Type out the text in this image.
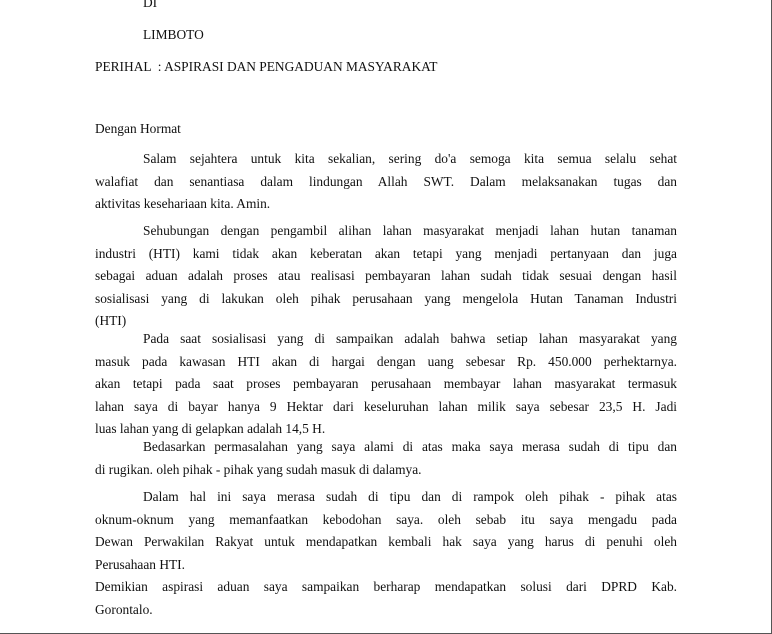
DI
LIMBOTO
PERIHAL  : ASPIRASI DAN PENGADUAN MASYARAKAT
Dengan Hormat
Salam sejahtera untuk kita sekalian, sering do'a semoga kita semua selalu sehat
walafiat dan senantiasa dalam lindungan Allah SWT. Dalam melaksanakan tugas dan
aktivitas kesehariaan kita. Amin.
Sehubungan dengan pengambil alihan lahan masyarakat menjadi lahan hutan tanaman
industri (HTI) kami tidak akan keberatan akan tetapi yang menjadi pertanyaan dan juga
sebagai aduan adalah proses atau realisasi pembayaran lahan sudah tidak sesuai dengan hasil
sosialisasi yang di lakukan oleh pihak perusahaan yang mengelola Hutan Tanaman Industri
(HTI)
Pada saat sosialisasi yang di sampaikan adalah bahwa setiap lahan masyarakat yang
masuk pada kawasan HTI akan di hargai dengan uang sebesar Rp. 450.000 perhektarnya.
akan tetapi pada saat proses pembayaran perusahaan membayar lahan masyarakat termasuk
lahan saya di bayar hanya 9 Hektar dari keseluruhan lahan milik saya sebesar 23,5 H. Jadi
luas lahan yang di gelapkan adalah 14,5 H.
Bedasarkan permasalahan yang saya alami di atas maka saya merasa sudah di tipu dan
di rugikan. oleh pihak - pihak yang sudah masuk di dalamya.
Dalam hal ini saya merasa sudah di tipu dan di rampok oleh pihak - pihak atas
oknum-oknum yang memanfaatkan kebodohan saya. oleh sebab itu saya mengadu pada
Dewan Perwakilan Rakyat untuk mendapatkan kembali hak saya yang harus di penuhi oleh
Perusahaan HTI.
Demikian aspirasi aduan saya sampaikan berharap mendapatkan solusi dari DPRD Kab.
Gorontalo.
